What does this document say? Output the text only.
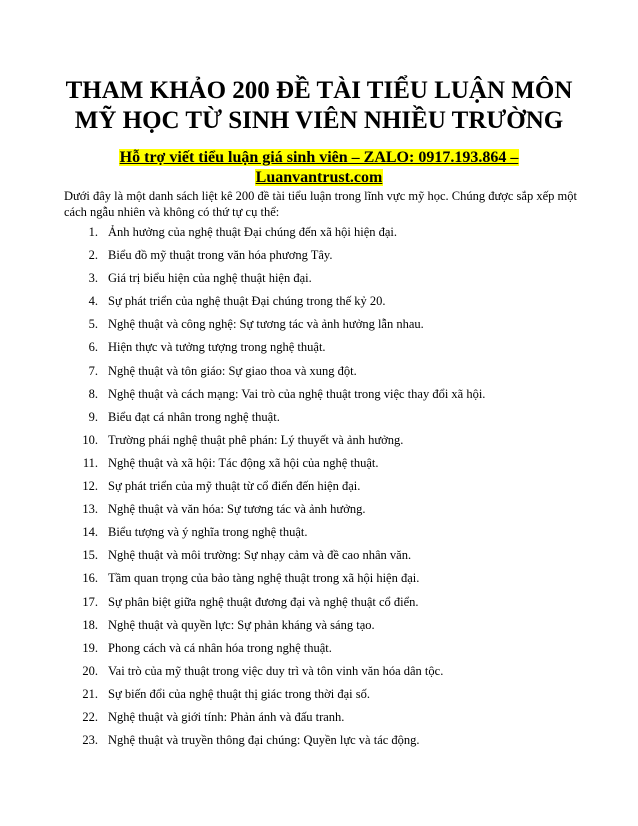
THAM KHẢO 200 ĐỀ TÀI TIỂU LUẬN MÔN
MỸ HỌC TỪ SINH VIÊN NHIỀU TRƯỜNG
Hỗ trợ viết tiểu luận giá sinh viên – ZALO: 0917.193.864 –
Luanvantrust.com

Dưới đây là một danh sách liệt kê 200 đề tài tiểu luận trong lĩnh vực mỹ học. Chúng được sắp xếp một cách ngẫu nhiên và không có thứ tự cụ thể:

1. Ảnh hưởng của nghệ thuật Đại chúng đến xã hội hiện đại.
2. Biểu đồ mỹ thuật trong văn hóa phương Tây.
3. Giá trị biểu hiện của nghệ thuật hiện đại.
4. Sự phát triển của nghệ thuật Đại chúng trong thế kỷ 20.
5. Nghệ thuật và công nghệ: Sự tương tác và ảnh hưởng lẫn nhau.
6. Hiện thực và tưởng tượng trong nghệ thuật.
7. Nghệ thuật và tôn giáo: Sự giao thoa và xung đột.
8. Nghệ thuật và cách mạng: Vai trò của nghệ thuật trong việc thay đổi xã hội.
9. Biểu đạt cá nhân trong nghệ thuật.
10. Trường phái nghệ thuật phê phán: Lý thuyết và ảnh hưởng.
11. Nghệ thuật và xã hội: Tác động xã hội của nghệ thuật.
12. Sự phát triển của mỹ thuật từ cổ điển đến hiện đại.
13. Nghệ thuật và văn hóa: Sự tương tác và ảnh hưởng.
14. Biểu tượng và ý nghĩa trong nghệ thuật.
15. Nghệ thuật và môi trường: Sự nhạy cảm và đề cao nhân văn.
16. Tầm quan trọng của bảo tàng nghệ thuật trong xã hội hiện đại.
17. Sự phân biệt giữa nghệ thuật đương đại và nghệ thuật cổ điển.
18. Nghệ thuật và quyền lực: Sự phản kháng và sáng tạo.
19. Phong cách và cá nhân hóa trong nghệ thuật.
20. Vai trò của mỹ thuật trong việc duy trì và tôn vinh văn hóa dân tộc.
21. Sự biến đổi của nghệ thuật thị giác trong thời đại số.
22. Nghệ thuật và giới tính: Phản ánh và đấu tranh.
23. Nghệ thuật và truyền thông đại chúng: Quyền lực và tác động.
